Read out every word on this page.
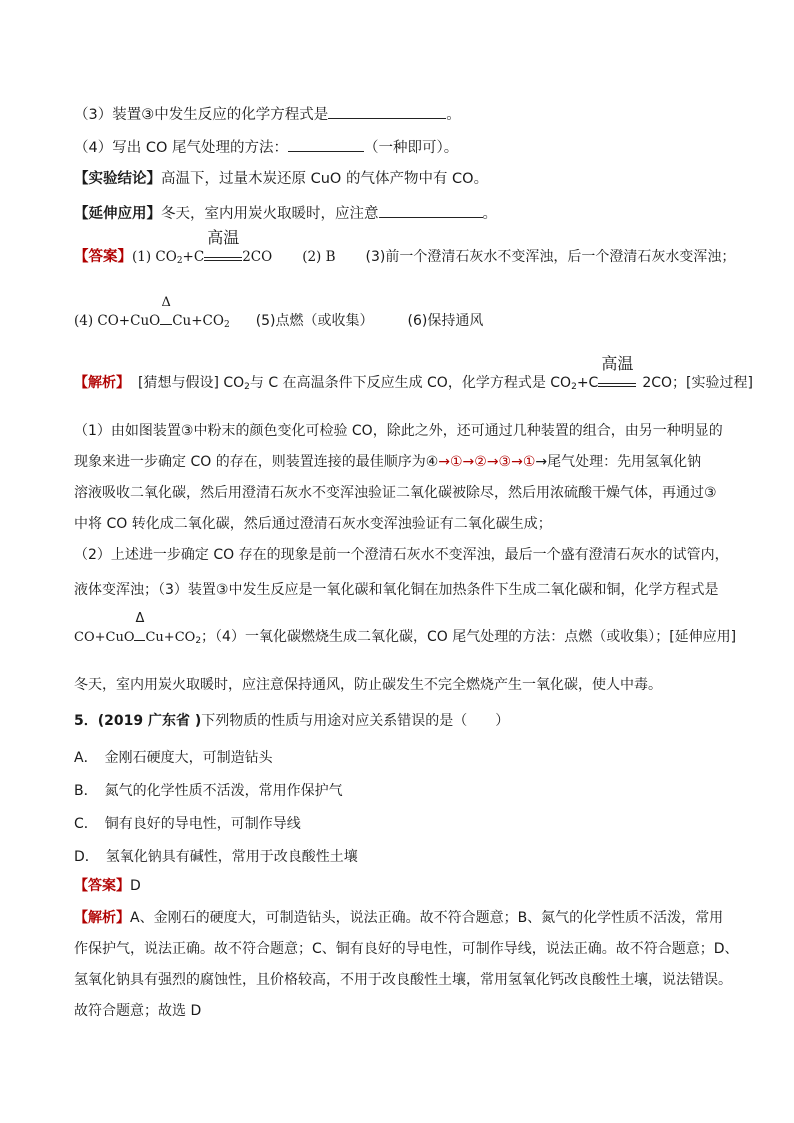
（3）装置③中发生反应的化学方程式是	。
（4）写出 CO 尾气处理的方法：	（一种即可）。
【实验结论】高温下，过量木炭还原 CuO 的气体产物中有 CO。
【延伸应用】冬天，室内用炭火取暖时，应注意	。
【答案】(1) $CO_2+C$
高温
2CO (2) B (3)前一个澄清石灰水不变浑浊，后一个澄清石灰水变浑浊；
(4) CO+CuO
Δ
$Cu+CO_2$ (5)点燃（或收集） (6)保持通风
【解析】 [猜想与假设] $CO_2$与 C 在高温条件下反应生成 CO，化学方程式是 $CO_2+C$
高温
2CO；[实验过程]
（1）由如图装置③中粉末的颜色变化可检验 CO，除此之外，还可通过几种装置的组合，由另一种明显的
现象来进一步确定 CO 的存在，则装置连接的最佳顺序为④→①→②→③→①→尾气处理：先用氢氧化钠
溶液吸收二氧化碳，然后用澄清石灰水不变浑浊验证二氧化碳被除尽，然后用浓硫酸干燥气体，再通过③
中将 CO 转化成二氧化碳，然后通过澄清石灰水变浑浊验证有二氧化碳生成；
（2）上述进一步确定 CO 存在的现象是前一个澄清石灰水不变浑浊，最后一个盛有澄清石灰水的试管内，
液体变浑浊；（3）装置③中发生反应是一氧化碳和氧化铜在加热条件下生成二氧化碳和铜，化学方程式是
CO+CuO
Δ
$Cu+CO_2$；（4）一氧化碳燃烧生成二氧化碳，CO 尾气处理的方法：点燃（或收集）；[延伸应用]
冬天，室内用炭火取暖时，应注意保持通风，防止碳发生不完全燃烧产生一氧化碳，使人中毒。
5．(2019 广东省 )下列物质的性质与用途对应关系错误的是（　　）
A．　金刚石硬度大，可制造钻头
B．　氮气的化学性质不活泼，常用作保护气
C．　铜有良好的导电性，可制作导线
D．　氢氧化钠具有碱性，常用于改良酸性土壤
【答案】D
【解析】A、金刚石的硬度大，可制造钻头，说法正确。故不符合题意；B、氮气的化学性质不活泼，常用
作保护气，说法正确。故不符合题意；C、铜有良好的导电性，可制作导线，说法正确。故不符合题意；D、
氢氧化钠具有强烈的腐蚀性，且价格较高，不用于改良酸性土壤，常用氢氧化钙改良酸性土壤，说法错误。
故符合题意；故选 D
